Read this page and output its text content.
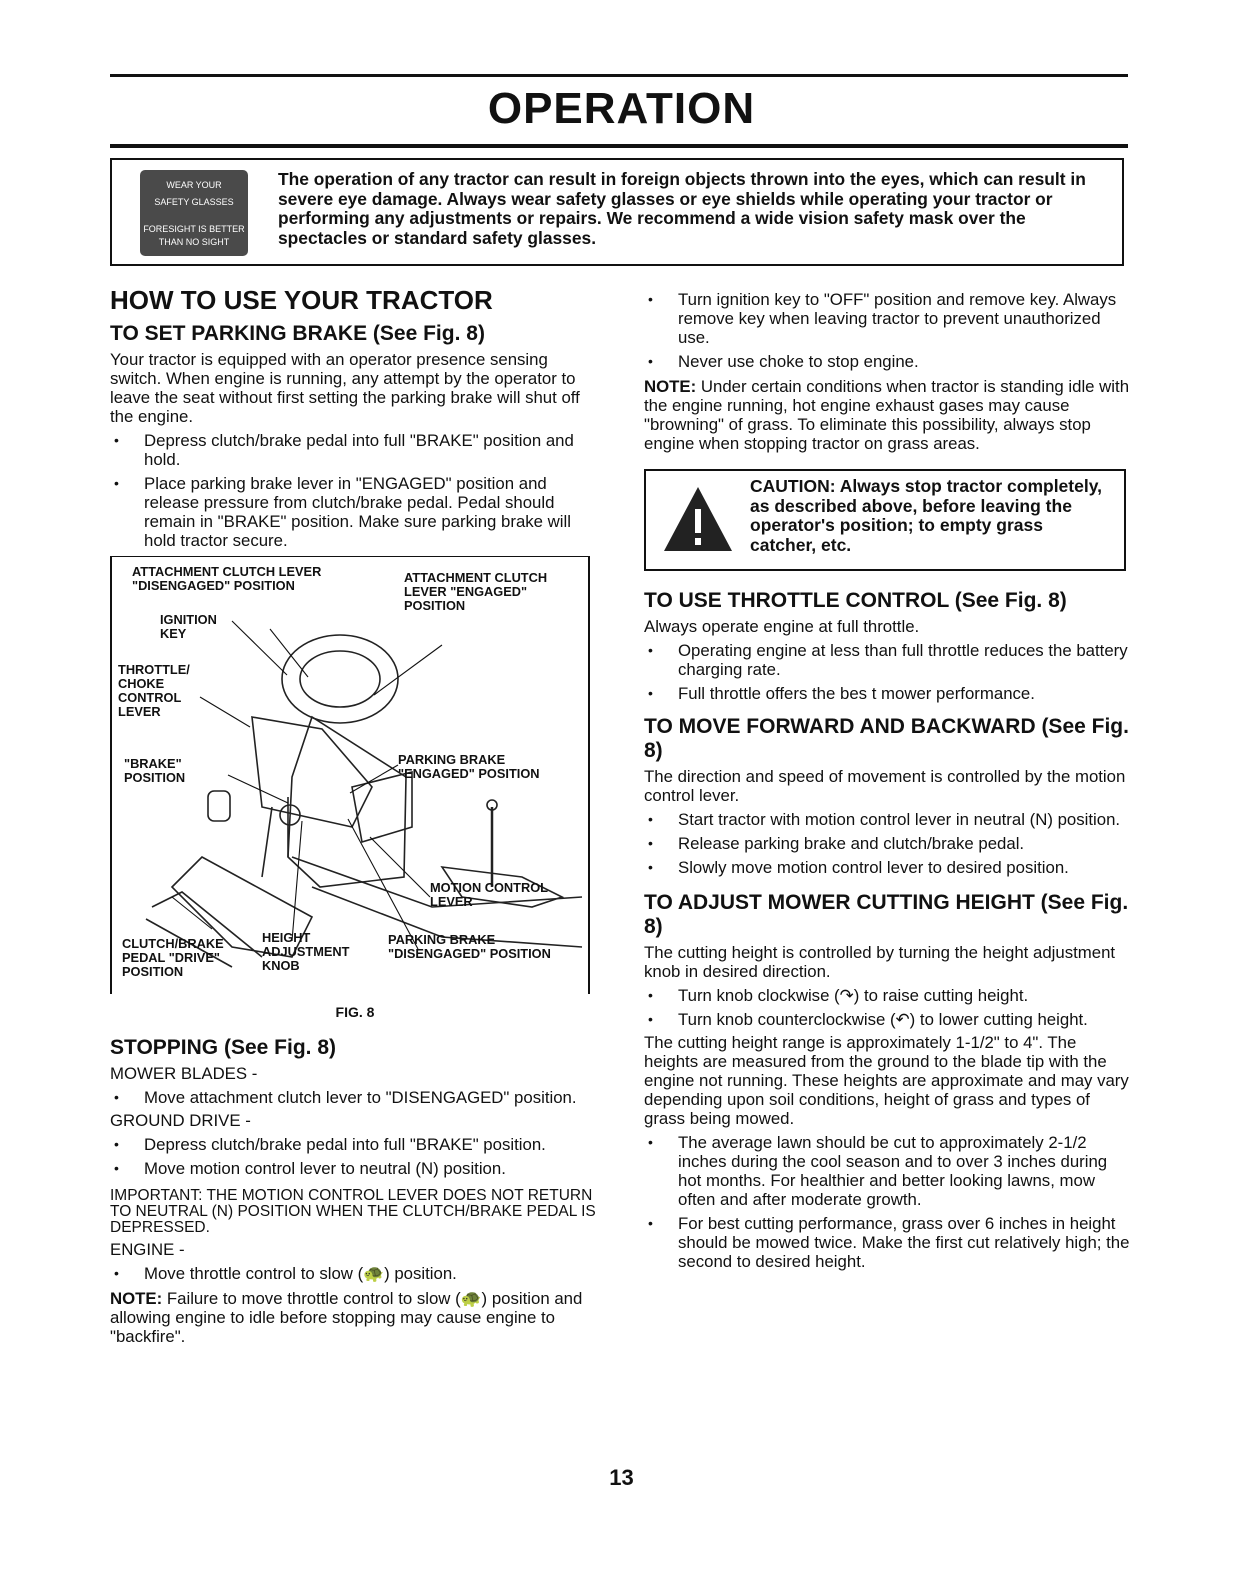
OPERATION
WEAR YOUR
SAFETY GLASSES
FORESIGHT IS BETTER
THAN NO SIGHT

The operation of any tractor can result in foreign objects thrown into the eyes, which can result in severe eye damage. Always wear safety glasses or eye shields while operating your tractor or performing any adjustments or repairs. We recommend a wide vision safety mask over the spectacles or standard safety glasses.

HOW TO USE YOUR TRACTOR
TO SET PARKING BRAKE (See Fig. 8)

Your tractor is equipped with an operator presence sensing switch. When engine is running, any attempt by the operator to leave the seat without first setting the parking brake will shut off the engine.

• Depress clutch/brake pedal into full "BRAKE" position and hold.
• Place parking brake lever in "ENGAGED" position and release pressure from clutch/brake pedal. Pedal should remain in "BRAKE" position. Make sure parking brake will hold tractor secure.
ATTACHMENT CLUTCH LEVER
"DISENGAGED" POSITION
ATTACHMENT CLUTCH
LEVER "ENGAGED"
POSITION
IGNITION
KEY
THROTTLE/
CHOKE
CONTROL
LEVER
"BRAKE"
POSITION
PARKING BRAKE
"ENGAGED" POSITION
MOTION CONTROL
LEVER
CLUTCH/BRAKE
PEDAL "DRIVE"
POSITION
HEIGHT
ADJUSTMENT
KNOB
PARKING BRAKE
"DISENGAGED" POSITION
FIG. 8
STOPPING (See Fig. 8)
MOWER BLADES -
• Move attachment clutch lever to "DISENGAGED" position.
GROUND DRIVE -
• Depress clutch/brake pedal into full "BRAKE" position.
• Move motion control lever to neutral (N) position.

IMPORTANT: THE MOTION CONTROL LEVER DOES NOT RETURN TO NEUTRAL (N) POSITION WHEN THE CLUTCH/BRAKE PEDAL IS DEPRESSED.

ENGINE -
• Move throttle control to slow (🐢) position.

NOTE: Failure to move throttle control to slow (🐢) position and allowing engine to idle before stopping may cause engine to "backfire".

• Turn ignition key to "OFF" position and remove key. Always remove key when leaving tractor to prevent unauthorized use.
• Never use choke to stop engine.

NOTE: Under certain conditions when tractor is standing idle with the engine running, hot engine exhaust gases may cause "browning" of grass. To eliminate this possibility, always stop engine when stopping tractor on grass areas.

CAUTION: Always stop tractor completely, as described above, before leaving the operator's position; to empty grass catcher, etc.

TO USE THROTTLE CONTROL (See Fig. 8)

Always operate engine at full throttle.

• Operating engine at less than full throttle reduces the battery charging rate.
• Full throttle offers the bes t mower performance.
TO MOVE FORWARD AND BACKWARD (See Fig. 8)

The direction and speed of movement is controlled by the motion control lever.

• Start tractor with motion control lever in neutral (N) position.
• Release parking brake and clutch/brake pedal.
• Slowly move motion control lever to desired position.
TO ADJUST MOWER CUTTING HEIGHT (See Fig. 8)

The cutting height is controlled by turning the height adjustment knob in desired direction.

• Turn knob clockwise (↷) to raise cutting height.
• Turn knob counterclockwise (↶) to lower cutting height.

The cutting height range is approximately 1-1/2" to 4". The heights are measured from the ground to the blade tip with the engine not running. These heights are approximate and may vary depending upon soil conditions, height of grass and types of grass being mowed.

• The average lawn should be cut to approximately 2-1/2 inches during the cool season and to over 3 inches during hot months. For healthier and better looking lawns, mow often and after moderate growth.
• For best cutting performance, grass over 6 inches in height should be mowed twice. Make the first cut relatively high; the second to desired height.
13
